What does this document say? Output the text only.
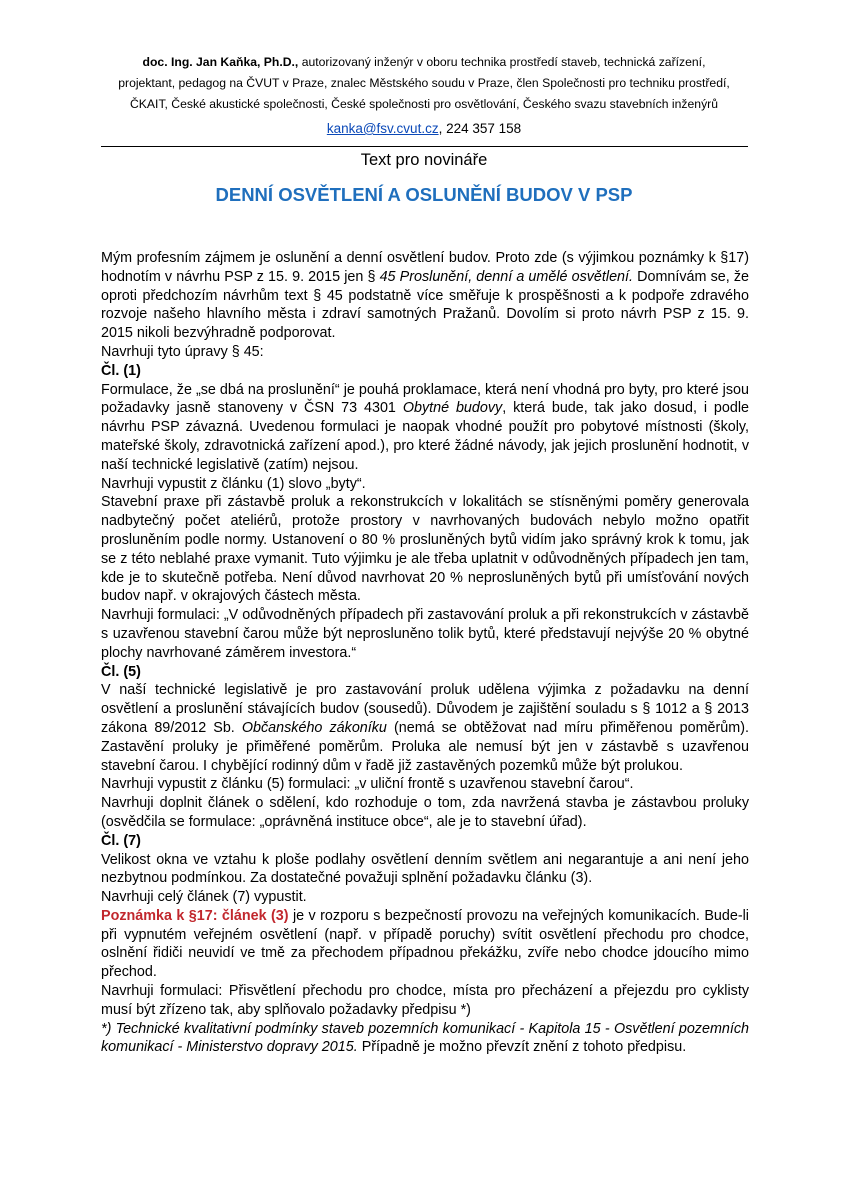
doc. Ing. Jan Kaňka, Ph.D., autorizovaný inženýr v oboru technika prostředí staveb, technická zařízení,

projektant, pedagog na ČVUT v Praze, znalec Městského soudu v Praze, člen Společnosti pro techniku prostředí,

ČKAIT, České akustické společnosti, České společnosti pro osvětlování, Českého svazu stavebních inženýrů

kanka@fsv.cvut.cz, 224 357 158

Text pro novináře
DENNÍ OSVĚTLENÍ A OSLUNĚNÍ BUDOV V PSP

Mým profesním zájmem je oslunění a denní osvětlení budov. Proto zde (s výjimkou poznámky k §17) hodnotím v návrhu PSP z 15. 9. 2015 jen § 45 Proslunění, denní a umělé osvětlení. Domnívám se, že oproti předchozím návrhům text § 45 podstatně více směřuje k prospěšnosti a k podpoře zdravého rozvoje našeho hlavního města i zdraví samotných Pražanů. Dovolím si proto návrh PSP z 15. 9. 2015 nikoli bezvýhradně podporovat.

Navrhuji tyto úpravy § 45:

Čl. (1)

Formulace, že „se dbá na proslunění“ je pouhá proklamace, která není vhodná pro byty, pro které jsou požadavky jasně stanoveny v ČSN 73 4301 Obytné budovy, která bude, tak jako dosud, i podle návrhu PSP závazná. Uvedenou formulaci je naopak vhodné použít pro pobytové místnosti (školy, mateřské školy, zdravotnická zařízení apod.), pro které žádné návody, jak jejich proslunění hodnotit, v naší technické legislativě (zatím) nejsou.

Navrhuji vypustit z článku (1) slovo „byty“.

Stavební praxe při zástavbě proluk a rekonstrukcích v lokalitách se stísněnými poměry generovala nadbytečný počet ateliérů, protože prostory v navrhovaných budovách nebylo možno opatřit prosluněním podle normy. Ustanovení o 80 % prosluněných bytů vidím jako správný krok k tomu, jak se z této neblahé praxe vymanit. Tuto výjimku je ale třeba uplatnit v odůvodněných případech jen tam, kde je to skutečně potřeba. Není důvod navrhovat 20 % neprosluněných bytů při umísťování nových budov např. v okrajových částech města.

Navrhuji formulaci: „V odůvodněných případech při zastavování proluk a při rekonstrukcích v zástavbě s uzavřenou stavební čarou může být neprosluněno tolik bytů, které představují nejvýše 20 % obytné plochy navrhované záměrem investora.“

Čl. (5)

V naší technické legislativě je pro zastavování proluk udělena výjimka z požadavku na denní osvětlení a proslunění stávajících budov (sousedů). Důvodem je zajištění souladu s § 1012 a § 2013 zákona 89/2012 Sb. Občanského zákoníku (nemá se obtěžovat nad míru přiměřenou poměrům). Zastavění proluky je přiměřené poměrům. Proluka ale nemusí být jen v zástavbě s uzavřenou stavební čarou. I chybějící rodinný dům v řadě již zastavěných pozemků může být prolukou.

Navrhuji vypustit z článku (5) formulaci: „v uliční frontě s uzavřenou stavební čarou“.

Navrhuji doplnit článek o sdělení, kdo rozhoduje o tom, zda navržená stavba je zástavbou proluky (osvědčila se formulace: „oprávněná instituce obce“, ale je to stavební úřad).

Čl. (7)

Velikost okna ve vztahu k ploše podlahy osvětlení denním světlem ani negarantuje a ani není jeho nezbytnou podmínkou. Za dostatečné považuji splnění požadavku článku (3).

Navrhuji celý článek (7) vypustit.

Poznámka k §17: článek (3) je v rozporu s bezpečností provozu na veřejných komunikacích. Bude-li při vypnutém veřejném osvětlení (např. v případě poruchy) svítit osvětlení přechodu pro chodce, oslnění řidiči neuvidí ve tmě za přechodem případnou překážku, zvíře nebo chodce jdoucího mimo přechod.

Navrhuji formulaci: Přisvětlení přechodu pro chodce, místa pro přecházení a přejezdu pro cyklisty musí být zřízeno tak, aby splňovalo požadavky předpisu *)

*) Technické kvalitativní podmínky staveb pozemních komunikací - Kapitola 15 - Osvětlení pozemních komunikací - Ministerstvo dopravy 2015. Případně je možno převzít znění z tohoto předpisu.
